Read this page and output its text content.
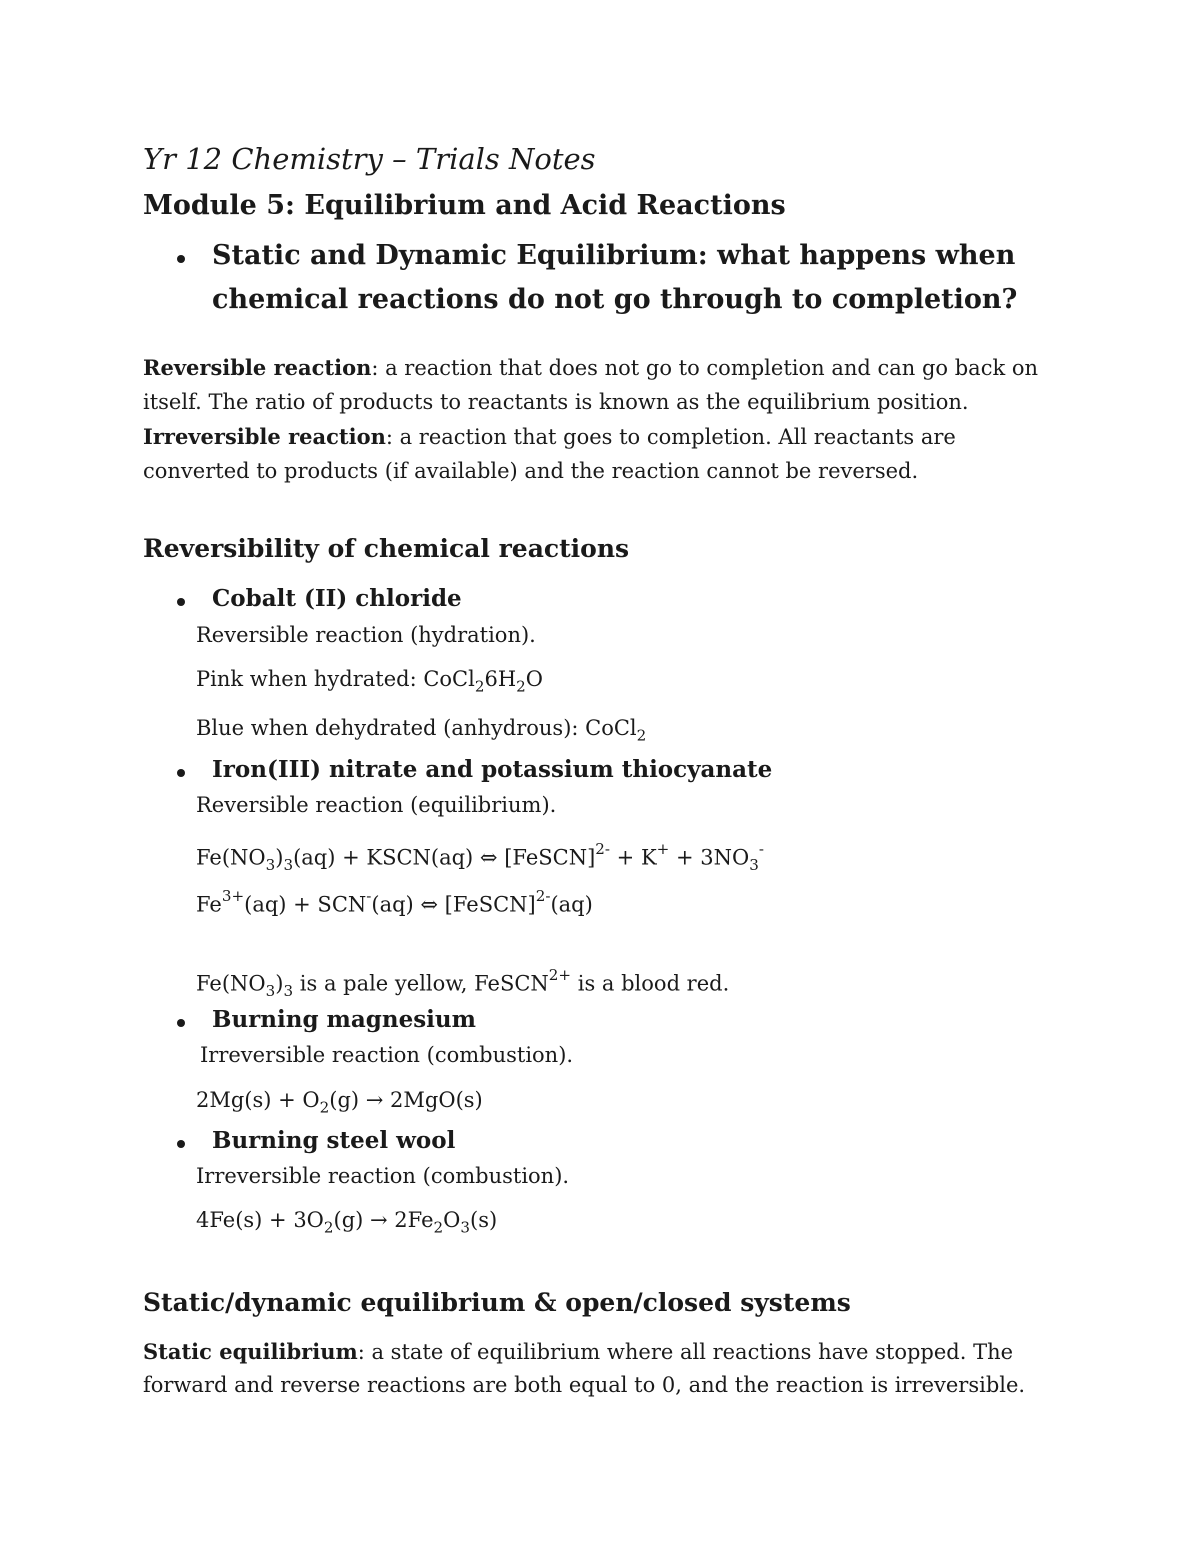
Yr 12 Chemistry – Trials Notes
Module 5: Equilibrium and Acid Reactions
Static and Dynamic Equilibrium: what happens when
chemical reactions do not go through to completion?
Reversible reaction: a reaction that does not go to completion and can go back on
itself. The ratio of products to reactants is known as the equilibrium position.
Irreversible reaction: a reaction that goes to completion. All reactants are
converted to products (if available) and the reaction cannot be reversed.
Reversibility of chemical reactions
Cobalt (II) chloride
Reversible reaction (hydration).
Pink when hydrated: $CoCl_26H_2O$
Blue when dehydrated (anhydrous): CoCl$_2$
Iron(III) nitrate and potassium thiocyanate
Reversible reaction (equilibrium).
$Fe(NO_3)_3(aq)$ + KSCN(aq) ⇔ [FeSCN]$^{2-}$ + $K^+ + 3NO_3^-$
$Fe^{3+}(aq) + SCN^-(aq)$ ⇔ [FeSCN]$^{2-}$(aq)
$Fe(NO_3)_3$ is a pale yellow, FeSCN$^{2+}$ is a blood red.
Burning magnesium
Irreversible reaction (combustion).
$2Mg(s) + O_2(g) \to 2MgO(s)$
Burning steel wool
Irreversible reaction (combustion).
$4Fe(s) + 3O_2(g) \to 2Fe_2O_3(s)$
Static/dynamic equilibrium & open/closed systems
Static equilibrium: a state of equilibrium where all reactions have stopped. The
forward and reverse reactions are both equal to 0, and the reaction is irreversible.
